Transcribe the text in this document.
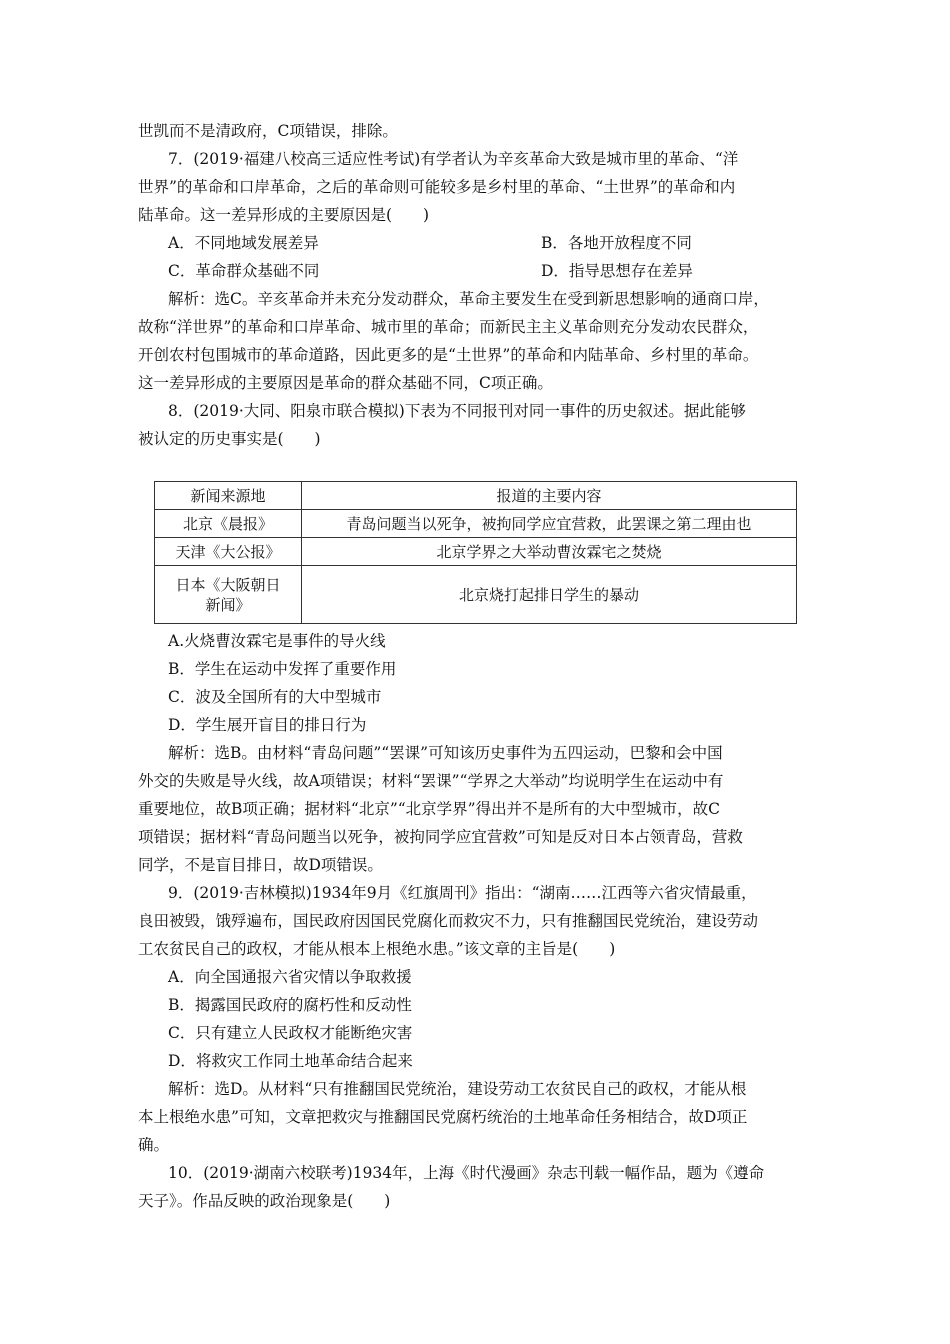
世凯而不是清政府，C项错误，排除。
7．(2019·福建八校高三适应性考试)有学者认为辛亥革命大致是城市里的革命、“洋
世界”的革命和口岸革命，之后的革命则可能较多是乡村里的革命、“土世界”的革命和内
陆革命。这一差异形成的主要原因是(　　)
A．不同地域发展差异	B．各地开放程度不同
C．革命群众基础不同	D．指导思想存在差异
解析：选C。辛亥革命并未充分发动群众，革命主要发生在受到新思想影响的通商口岸，
故称“洋世界”的革命和口岸革命、城市里的革命；而新民主主义革命则充分发动农民群众，
开创农村包围城市的革命道路，因此更多的是“土世界”的革命和内陆革命、乡村里的革命。
这一差异形成的主要原因是革命的群众基础不同，C项正确。
8．(2019·大同、阳泉市联合模拟)下表为不同报刊对同一事件的历史叙述。据此能够
被认定的历史事实是(　　)
新闻来源地	报道的主要内容
北京《晨报》	青岛问题当以死争，被拘同学应宜营救，此罢课之第二理由也
天津《大公报》	北京学界之大举动曹汝霖宅之焚烧

日本《大阪朝日
新闻》	北京烧打起排日学生的暴动
A.火烧曹汝霖宅是事件的导火线
B．学生在运动中发挥了重要作用
C．波及全国所有的大中型城市
D．学生展开盲目的排日行为
解析：选B。由材料“青岛问题”“罢课”可知该历史事件为五四运动，巴黎和会中国
外交的失败是导火线，故A项错误；材料“罢课”“学界之大举动”均说明学生在运动中有
重要地位，故B项正确；据材料“北京”“北京学界”得出并不是所有的大中型城市，故C
项错误；据材料“青岛问题当以死争，被拘同学应宜营救”可知是反对日本占领青岛，营救
同学，不是盲目排日，故D项错误。
9．(2019·吉林模拟)1934年9月《红旗周刊》指出：“湖南……江西等六省灾情最重，
良田被毁，饿殍遍布，国民政府因国民党腐化而救灾不力，只有推翻国民党统治，建设劳动
工农贫民自己的政权，才能从根本上根绝水患。”该文章的主旨是(　　)
A．向全国通报六省灾情以争取救援
B．揭露国民政府的腐朽性和反动性
C．只有建立人民政权才能断绝灾害
D．将救灾工作同土地革命结合起来
解析：选D。从材料“只有推翻国民党统治，建设劳动工农贫民自己的政权，才能从根
本上根绝水患”可知，文章把救灾与推翻国民党腐朽统治的土地革命任务相结合，故D项正
确。
10．(2019·湖南六校联考)1934年，上海《时代漫画》杂志刊载一幅作品，题为《遵命
天子》。作品反映的政治现象是(　　)
